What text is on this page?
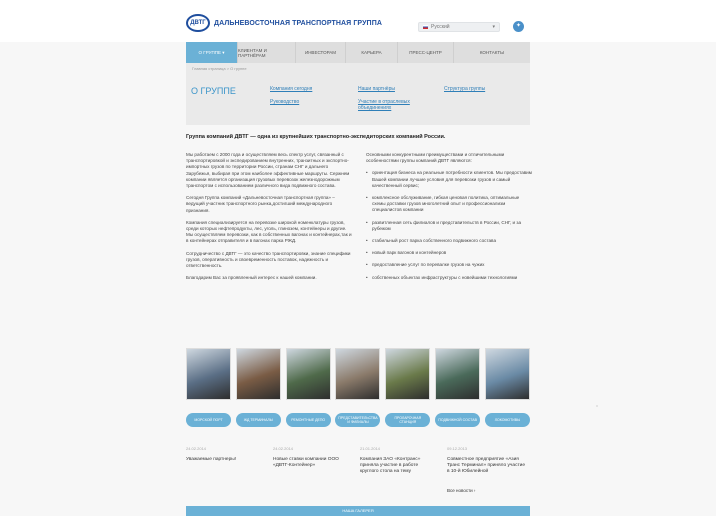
ДВТГ	ДАЛЬНЕВОСТОЧНАЯ ТРАНСПОРТНАЯ ГРУППА
Русский	▾	✦
О ГРУППЕ ▾	КЛИЕНТАМ И ПАРТНЁРАМ	ИНВЕСТОРАМ	КАРЬЕРА	ПРЕСС-ЦЕНТР	КОНТАКТЫ
Главная страница > О группе
О ГРУППЕ	Компания сегодня
Руководство
Наши партнёры
Участие в отраслевых объединениях
Структура группы
Группа компаний ДВТГ — одна из крупнейших транспортно-экспедиторских компаний России.

Мы работаем с 2000 года и осуществляем весь спектр услуг, связанный с транспортировкой и экспедированием внутренних, транзитных и экспортно-импортных грузов по территории России, странам СНГ и дальнего Зарубежья, выбирая при этом наиболее эффективные маршруты. Сержнем компании является организация грузовых перевозок железнодорожным транспортом с использованием различного вида подвижного состава.

Сегодня Группа компаний «Дальневосточная транспортная группа» – ведущий участник транспортного рынка,достигший международного признания.

Компания специализируется на перевозке широкой номенклатуры грузов, среди которых нефтепродукты, лес, уголь, глинозем, контейнеры и другие. Мы осуществляем перевозки, как в собственных вагонах и контейнерах,так и в контейнерах отправителя и в вагонах парка РЖД.

Сотрудничество с ДВТГ — это качество транспортировки, знание специфики грузов, оперативность и своевременность поставок, надежность и ответственность.

Благодарим Вас за проявленный интерес к нашей компании.

Основными конкурентными преимуществами и отличительными особенностями группы компаний ДВТГ являются:

• ориентация бизнеса на реальные потребности клиентов. Мы предоставим Вашей компании лучшие условия для перевозки грузов и самый качественный сервис;
• комплексное обслуживание, гибкая ценовая политика, оптимальные схемы доставки грузов многолетний опыт и профессионализм специалистов компании
• развитленная сеть филиалов и представительств в России, СНГ, и за рубежом
• стабильный рост парка собственного подвижного состава
• новый парк вагонов и контейнеров
• предоставление услуг по перевалке грузов на чужих
• собственных объектах инфраструктуры с новейшими технологиями
МОРСКОЙ ПОРТ	ЖД ТЕРМИНАЛЫ	РЕМОНТНЫЕ ДЕПО	ПРЕДСТАВИТЕЛЬСТВА И ФИЛИАЛЫ
ПРОЛАРОЧНАЯ СТАНЦИЯ	ПОДВИЖНОЙ СОСТАВ	ЛОКОМОТИВЫ
24.02.2014
Уважаемые партнеры!
24.02.2014
Новые ставки компании ООО «ДВТГ-Контейнер»
21.01.2014
Компания ЗАО «Контранс» приняла участие в работе круглого стола на тему
09.12.2013
Совместное предприятие «Азия Транс Терминал» приняло участие в 10-й Юбилейной
Все новости ›
НАША ГАЛЕРЕЯ
